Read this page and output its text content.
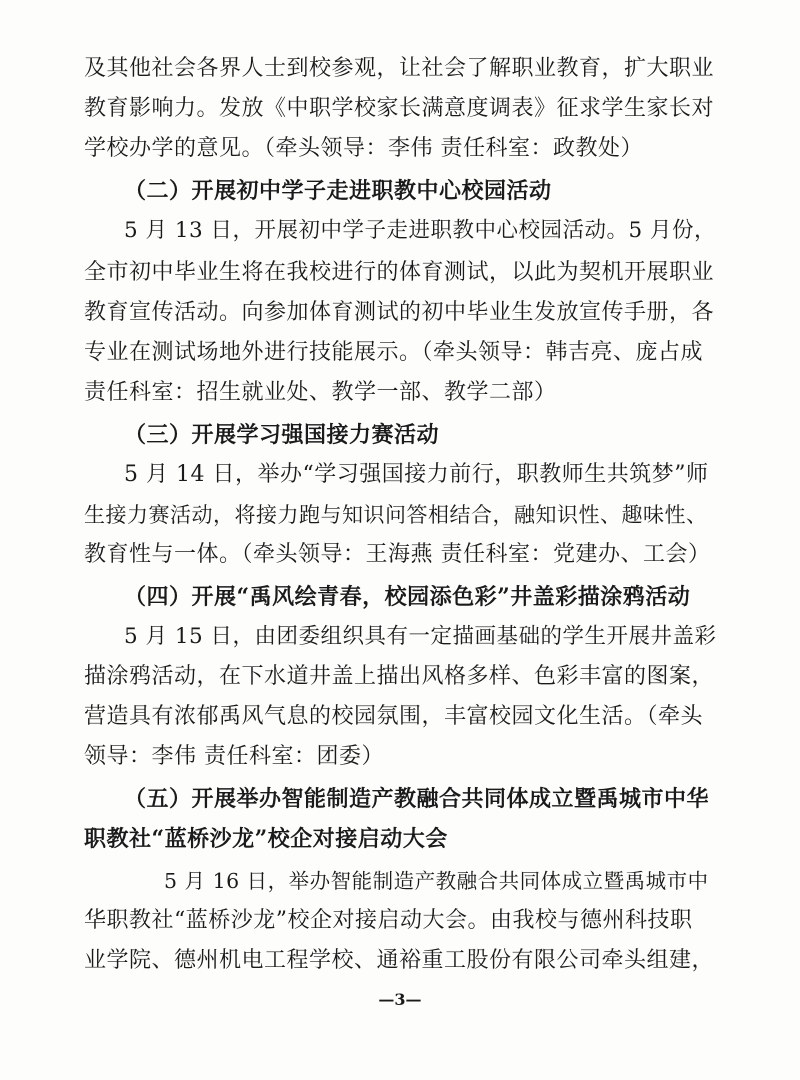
及其他社会各界人士到校参观，让社会了解职业教育，扩大职业
教育影响力。发放《中职学校家长满意度调表》征求学生家长对
学校办学的意见。（牵头领导：李伟 责任科室：政教处）
（二）开展初中学子走进职教中心校园活动
5 月 13 日，开展初中学子走进职教中心校园活动。5 月份，
全市初中毕业生将在我校进行的体育测试，以此为契机开展职业
教育宣传活动。向参加体育测试的初中毕业生发放宣传手册，各
专业在测试场地外进行技能展示。（牵头领导：韩吉亮、庞占成
责任科室：招生就业处、教学一部、教学二部）
（三）开展学习强国接力赛活动
5 月 14 日，举办“学习强国接力前行，职教师生共筑梦”师
生接力赛活动，将接力跑与知识问答相结合，融知识性、趣味性、
教育性与一体。（牵头领导：王海燕 责任科室：党建办、工会）
（四）开展“禹风绘青春，校园添色彩”井盖彩描涂鸦活动
5 月 15 日，由团委组织具有一定描画基础的学生开展井盖彩
描涂鸦活动，在下水道井盖上描出风格多样、色彩丰富的图案，
营造具有浓郁禹风气息的校园氛围，丰富校园文化生活。（牵头
领导：李伟 责任科室：团委）
（五）开展举办智能制造产教融合共同体成立暨禹城市中华
职教社“蓝桥沙龙”校企对接启动大会
5 月 16 日，举办智能制造产教融合共同体成立暨禹城市中
华职教社“蓝桥沙龙”校企对接启动大会。由我校与德州科技职
业学院、德州机电工程学校、通裕重工股份有限公司牵头组建，
—3—
